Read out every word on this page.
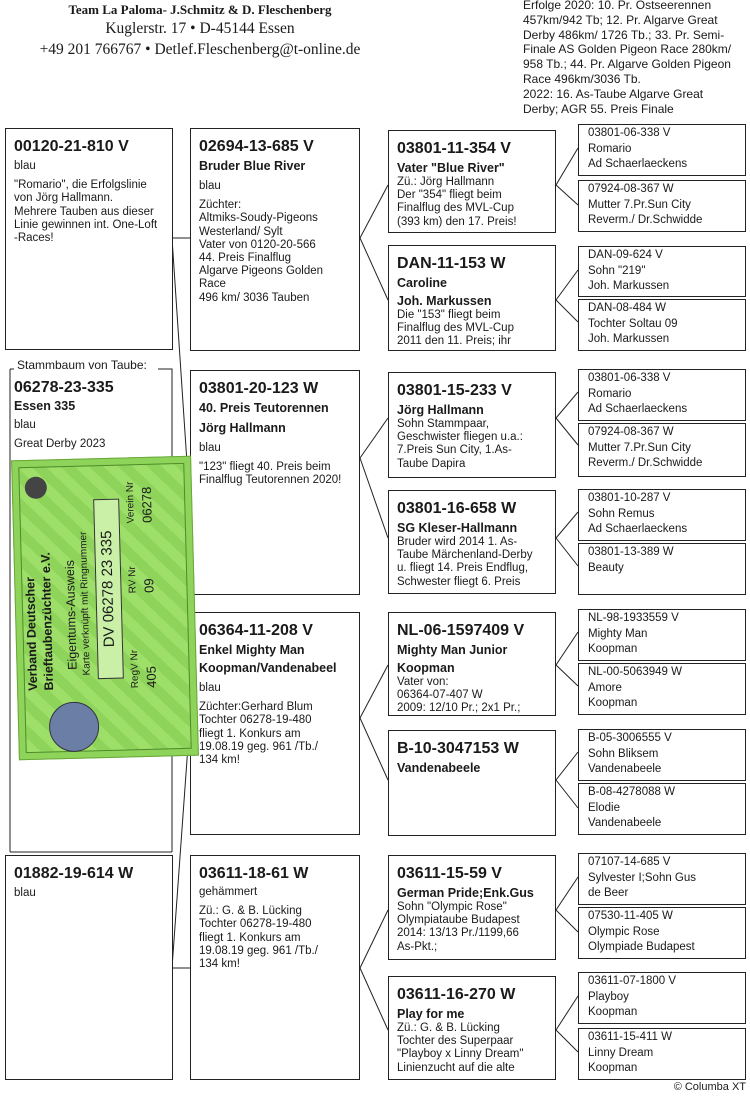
Team La Paloma- J.Schmitz & D. Fleschenberg
Kuglerstr. 17 • D-45144 Essen
+49 201 766767 • Detlef.Fleschenberg@t-online.de
Erfolge 2020: 10. Pr. Ostseerennen
457km/942 Tb; 12. Pr. Algarve Great
Derby 486km/ 1726 Tb.; 33. Pr. Semi-
Finale AS Golden Pigeon Race 280km/
958 Tb.; 44. Pr. Algarve Golden Pigeon
Race 496km/3036 Tb.
2022: 16. As-Taube Algarve Great
Derby; AGR 55. Preis Finale
Stammbaum von Taube:
06278-23-335
Essen 335
blau
Great Derby 2023
00120-21-810 V
blau
"Romario", die Erfolgslinie
von Jörg Hallmann.
Mehrere Tauben aus dieser
Linie gewinnen int. One-Loft
-Races!
01882-19-614 W
blau
02694-13-685 V
Bruder Blue River
blau
Züchter:
Altmiks-Soudy-Pigeons
Westerland/ Sylt
Vater von 0120-20-566
44. Preis Finalflug
Algarve Pigeons Golden
Race
496 km/ 3036 Tauben
03801-20-123 W
40. Preis Teutorennen
Jörg Hallmann
blau
"123" fliegt 40. Preis beim
Finalflug Teutorennen 2020!
06364-11-208 V
Enkel Mighty Man
Koopman/Vandenabeel
blau
Züchter:Gerhard Blum
Tochter 06278-19-480
fliegt 1. Konkurs am
19.08.19 geg. 961 /Tb./
134 km!
03611-18-61 W
gehämmert
Zü.: G. & B. Lücking
Tochter 06278-19-480
fliegt 1. Konkurs am
19.08.19 geg. 961 /Tb./
134 km!
03801-11-354 V
Vater "Blue River"
Zü.: Jörg Hallmann
Der "354" fliegt beim
Finalflug des MVL-Cup
(393 km) den 17. Preis!
DAN-11-153 W
Caroline
Joh. Markussen
Die "153" fliegt beim
Finalflug des MVL-Cup
2011 den 11. Preis; ihr
03801-15-233 V
Jörg Hallmann
Sohn Stammpaar,
Geschwister fliegen u.a.:
7.Preis Sun City, 1.As-
Taube Dapira
03801-16-658 W
SG Kleser-Hallmann
Bruder wird 2014 1. As-
Taube Märchenland-Derby
u. fliegt 14. Preis Endflug,
Schwester fliegt 6. Preis
NL-06-1597409 V
Mighty Man Junior
Koopman
Vater von:
06364-07-407 W
2009: 12/10 Pr.; 2x1 Pr.;
B-10-3047153 W
Vandenabeele
03611-15-59 V
German Pride;Enk.Gus
Sohn "Olympic Rose"
Olympiataube Budapest
2014: 13/13 Pr./1199,66
As-Pkt.;
03611-16-270 W
Play for me
Zü.: G. & B. Lücking
Tochter des Superpaar
"Playboy x Linny Dream"
Linienzucht auf die alte
03801-06-338 V
Romario
Ad Schaerlaeckens
07924-08-367 W
Mutter 7.Pr.Sun City
Reverm./ Dr.Schwidde
DAN-09-624 V
Sohn "219"
Joh. Markussen
DAN-08-484 W
Tochter Soltau 09
Joh. Markussen
03801-06-338 V
Romario
Ad Schaerlaeckens
07924-08-367 W
Mutter 7.Pr.Sun City
Reverm./ Dr.Schwidde
03801-10-287 V
Sohn Remus
Ad Schaerlaeckens
03801-13-389 W
Beauty
NL-98-1933559 V
Mighty Man
Koopman
NL-00-5063949 W
Amore
Koopman
B-05-3006555 V
Sohn Bliksem
Vandenabeele
B-08-4278088 W
Elodie
Vandenabeele
07107-14-685 V
Sylvester I;Sohn Gus
de Beer
07530-11-405 W
Olympic Rose
Olympiade Budapest
03611-07-1800 V
Playboy
Koopman
03611-15-411 W
Linny Dream
Koopman
Verband Deutscher
Brieftaubenzüchter e.V. Eigentums-Ausweis
Karte verknüpft mit Ringnummer DV 06278 23 335
RegV Nr 405
RV Nr 09
Verein Nr 06278
© Columba XT
